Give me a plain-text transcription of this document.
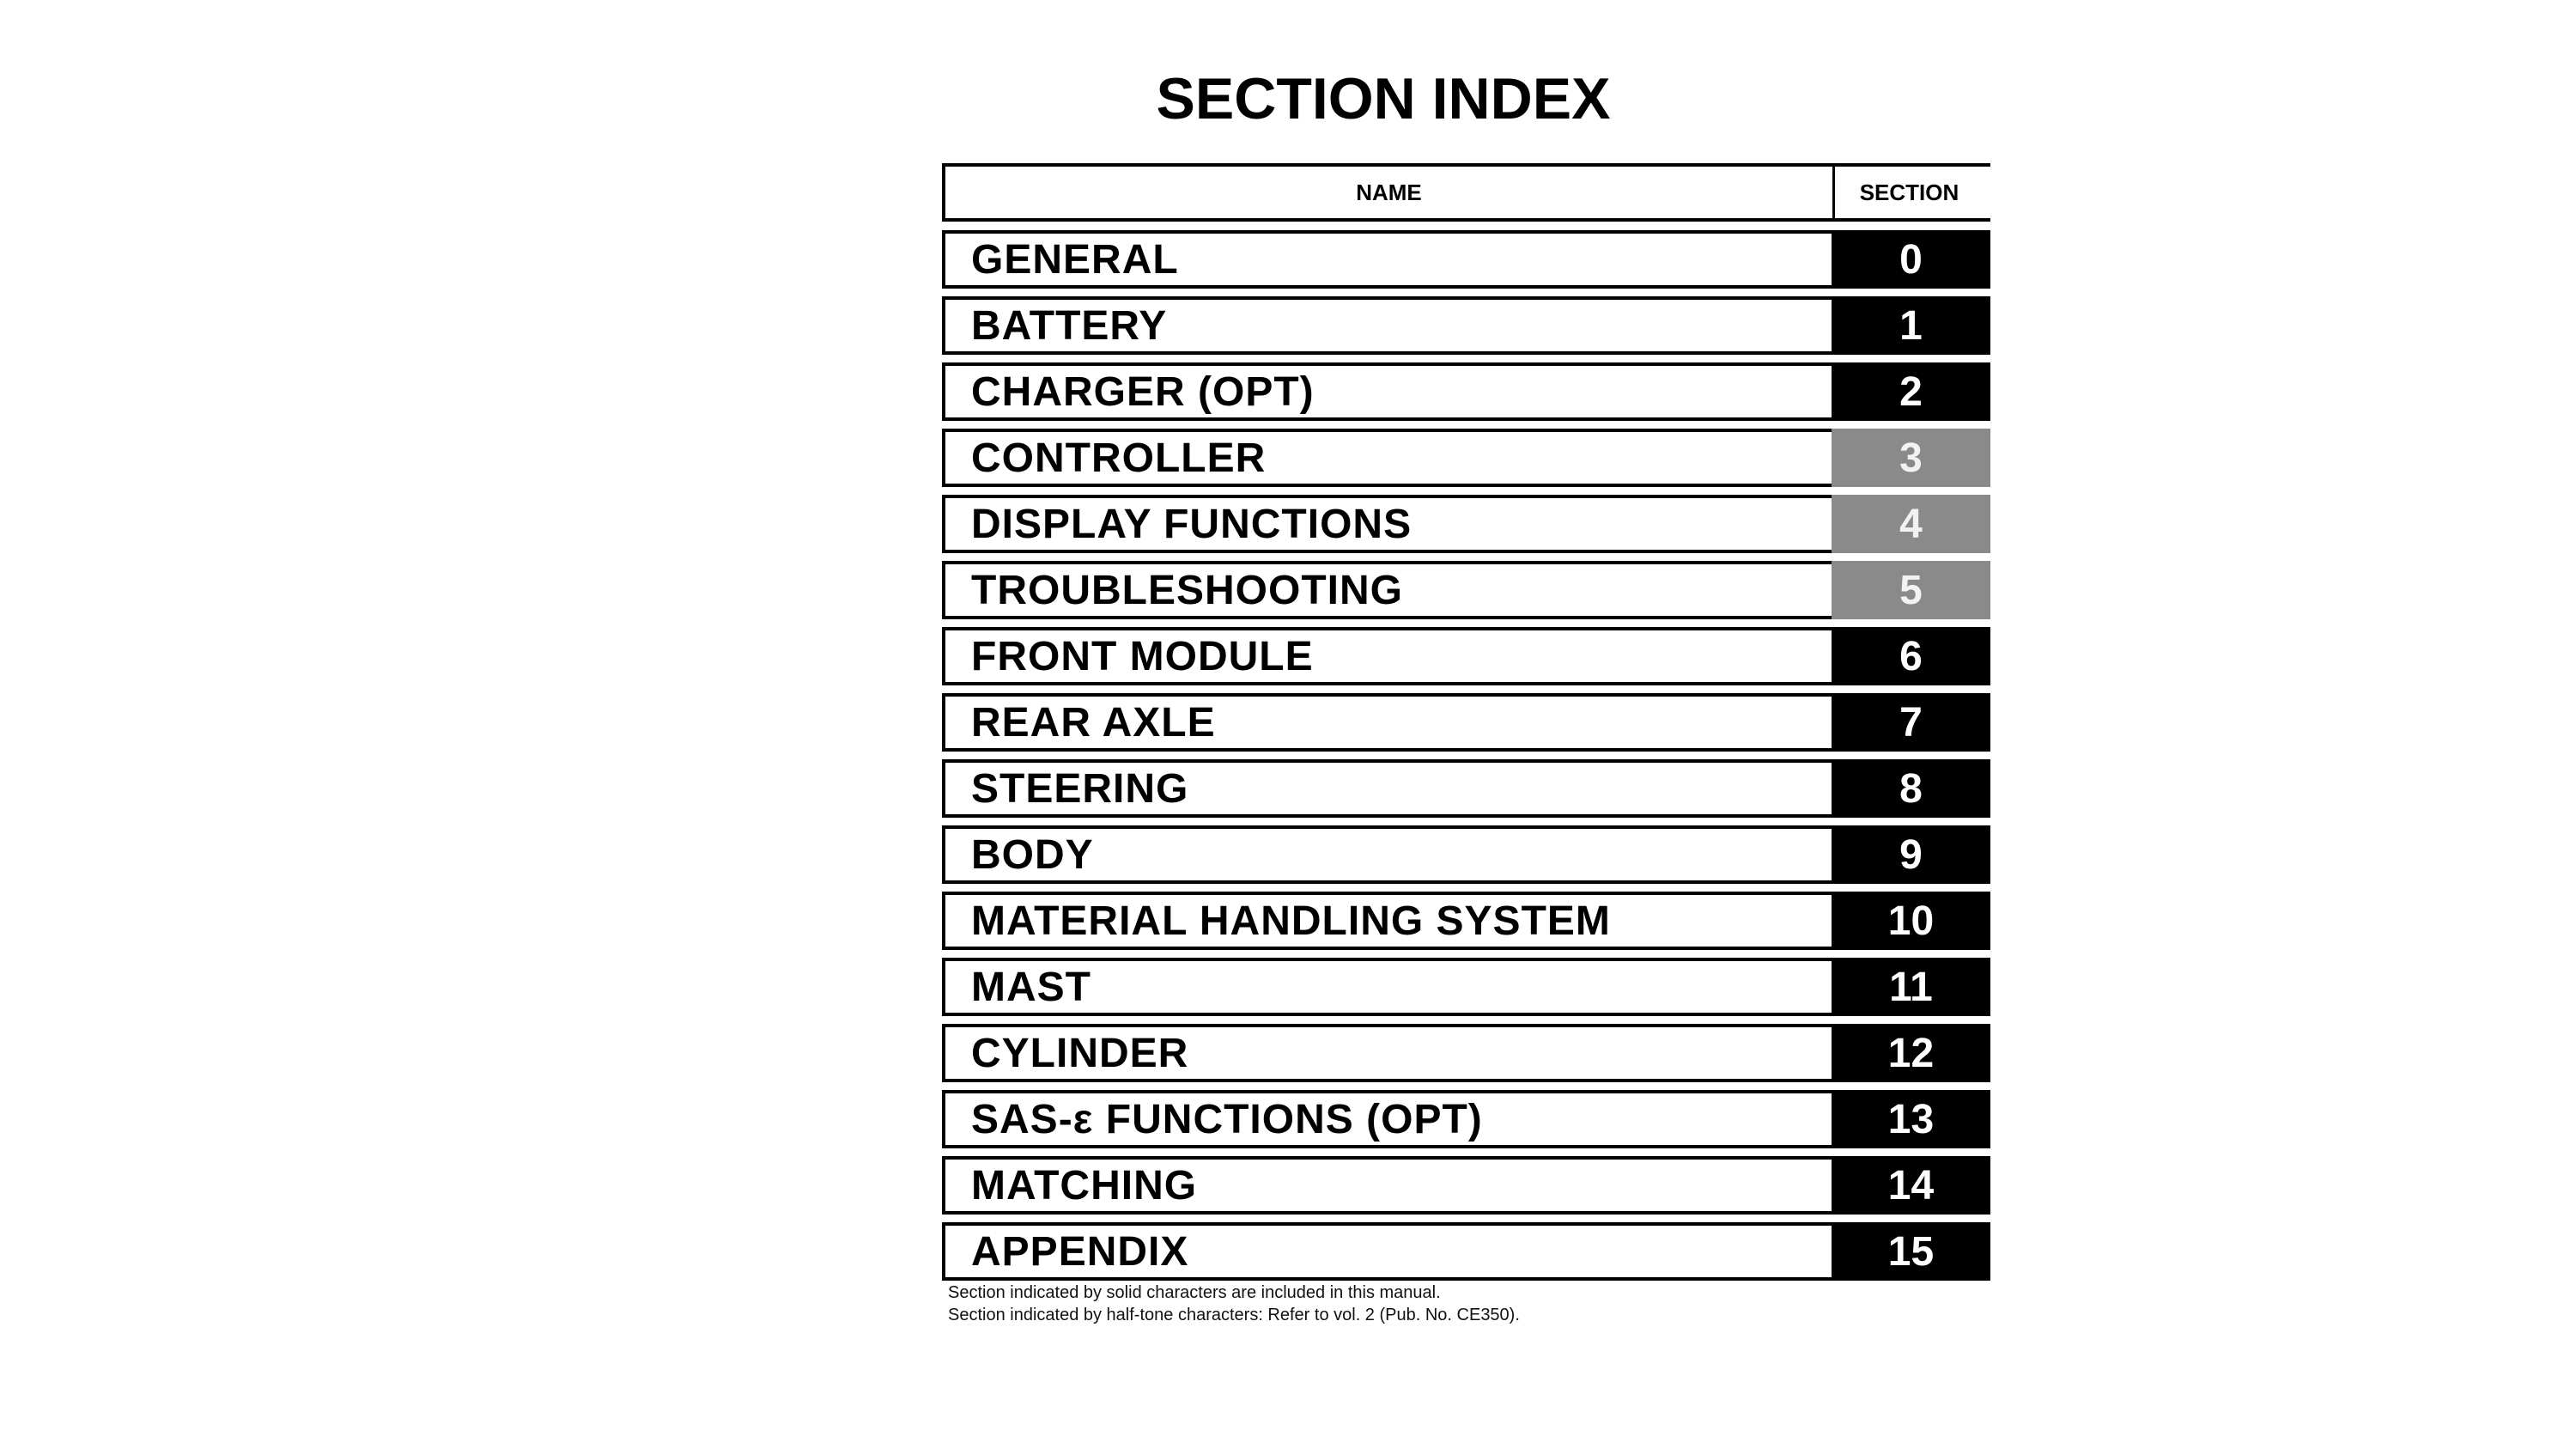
SECTION INDEX
NAME	SECTION
GENERAL	0
BATTERY	1
CHARGER (OPT)	2
CONTROLLER	3
DISPLAY FUNCTIONS	4
TROUBLESHOOTING	5
FRONT MODULE	6
REAR AXLE	7
STEERING	8
BODY	9
MATERIAL HANDLING SYSTEM	10
MAST	11
CYLINDER	12
SAS-ε FUNCTIONS (OPT)	13
MATCHING	14
APPENDIX	15
Section indicated by solid characters are included in this manual.
Section indicated by half-tone characters: Refer to vol. 2 (Pub. No. CE350).
